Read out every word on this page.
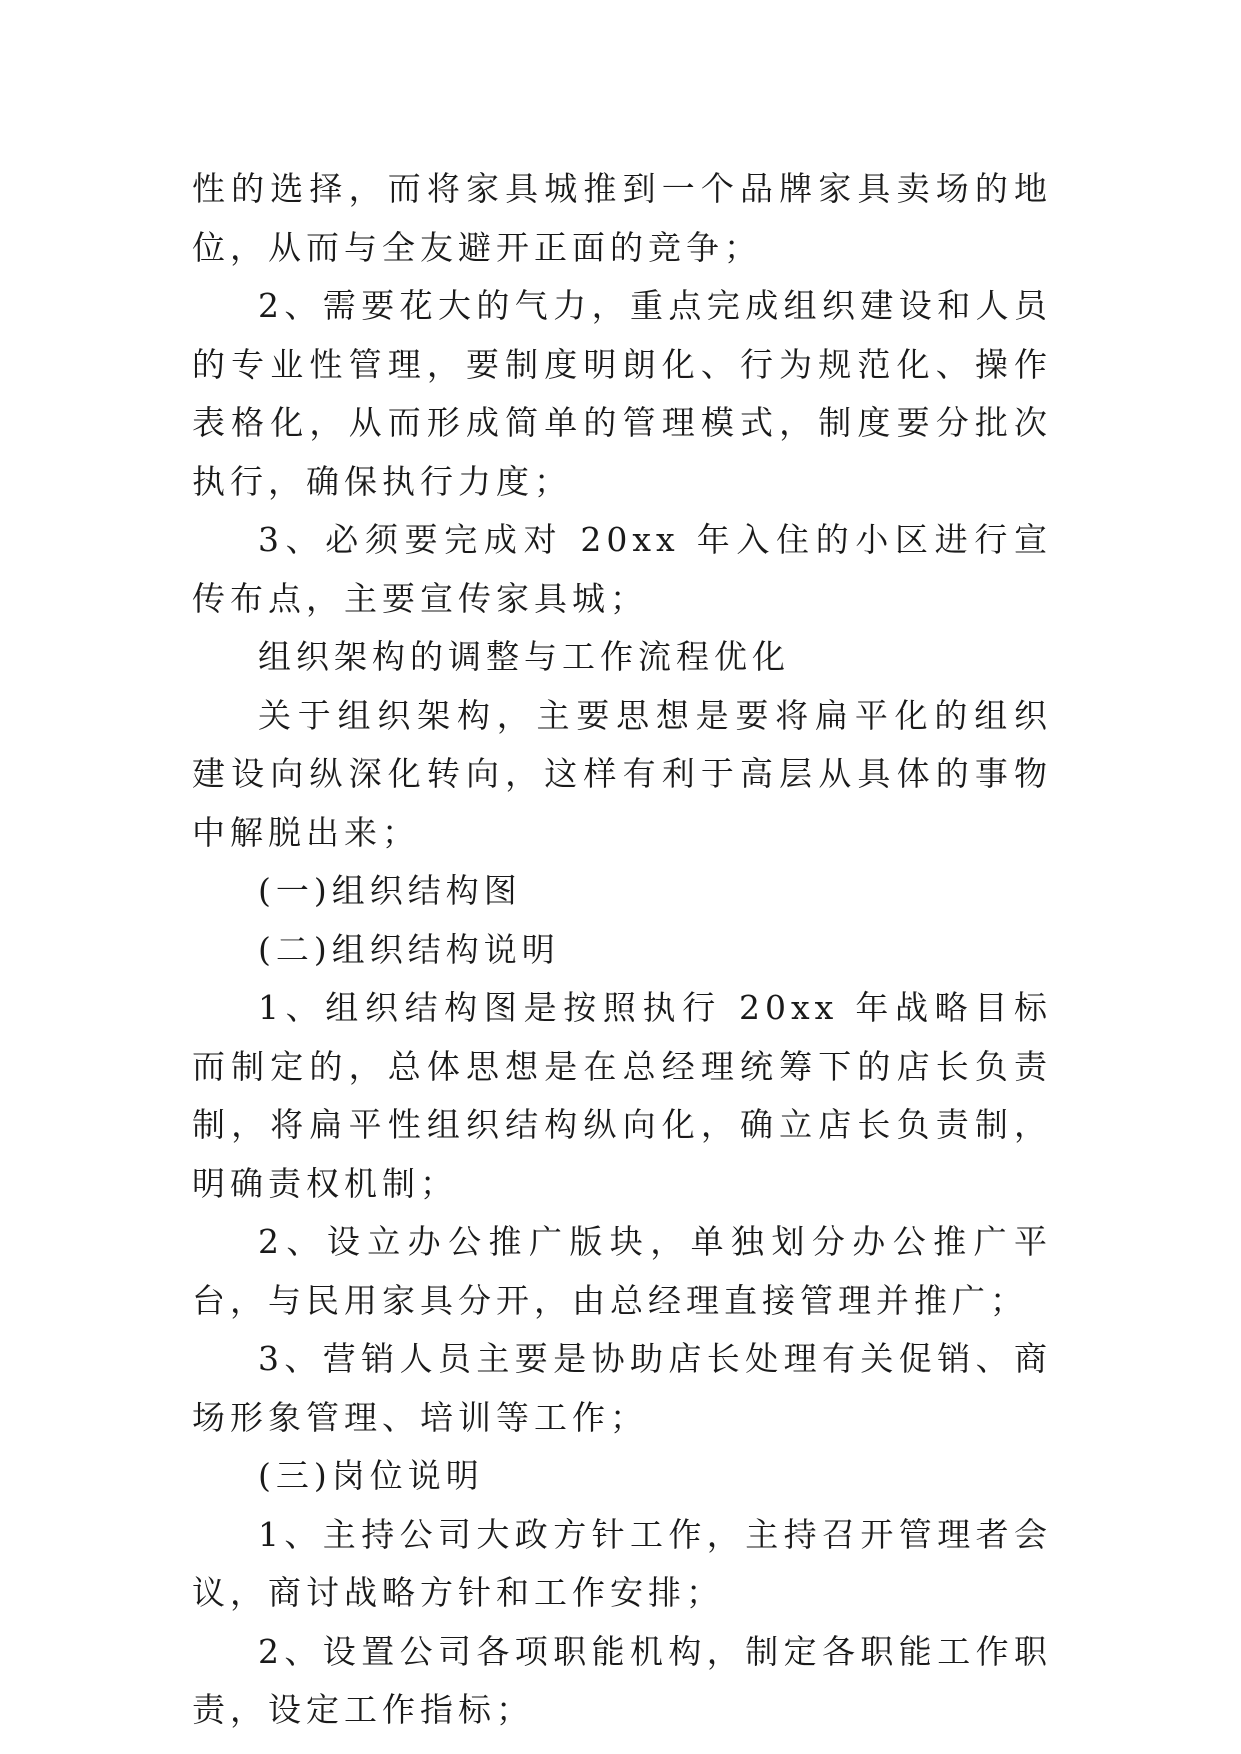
性的选择，而将家具城推到一个品牌家具卖场的地位，从而与全友避开正面的竞争；

2、需要花大的气力，重点完成组织建设和人员的专业性管理，要制度明朗化、行为规范化、操作表格化，从而形成简单的管理模式，制度要分批次执行，确保执行力度；

3、必须要完成对 20xx 年入住的小区进行宣传布点，主要宣传家具城；

组织架构的调整与工作流程优化

关于组织架构，主要思想是要将扁平化的组织建设向纵深化转向，这样有利于高层从具体的事物中解脱出来；

(一)组织结构图

(二)组织结构说明

1、组织结构图是按照执行 20xx 年战略目标而制定的，总体思想是在总经理统筹下的店长负责制，将扁平性组织结构纵向化，确立店长负责制，明确责权机制；

2、设立办公推广版块，单独划分办公推广平台，与民用家具分开，由总经理直接管理并推广；

3、营销人员主要是协助店长处理有关促销、商场形象管理、培训等工作；

(三)岗位说明

1、主持公司大政方针工作，主持召开管理者会议，商讨战略方针和工作安排；

2、设置公司各项职能机构，制定各职能工作职责，设定工作指标；
